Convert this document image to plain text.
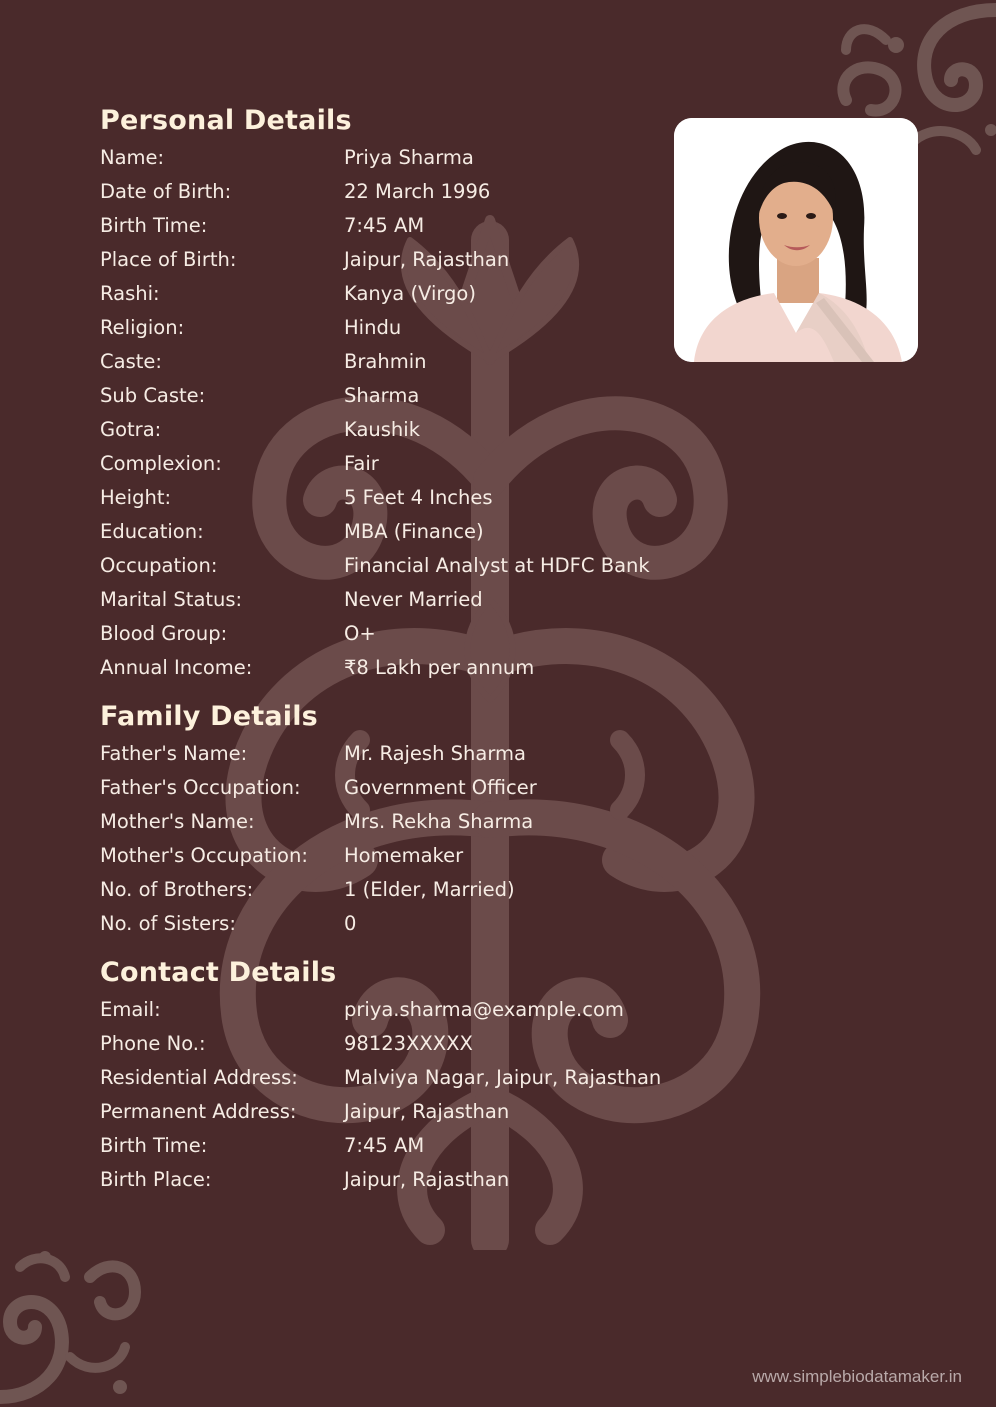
Personal Details
Name:	Priya Sharma
Date of Birth:	22 March 1996
Birth Time:	7:45 AM
Place of Birth:	Jaipur, Rajasthan
Rashi:	Kanya (Virgo)
Religion:	Hindu
Caste:	Brahmin
Sub Caste:	Sharma
Gotra:	Kaushik
Complexion:	Fair
Height:	5 Feet 4 Inches
Education:	MBA (Finance)
Occupation:	Financial Analyst at HDFC Bank
Marital Status:	Never Married
Blood Group:	O+
Annual Income:	₹8 Lakh per annum
Family Details
Father's Name:	Mr. Rajesh Sharma
Father's Occupation:	Government Officer
Mother's Name:	Mrs. Rekha Sharma
Mother's Occupation:	Homemaker
No. of Brothers:	1 (Elder, Married)
No. of Sisters:	0
Contact Details
Email:	priya.sharma@example.com
Phone No.:	98123XXXXX
Residential Address:	Malviya Nagar, Jaipur, Rajasthan
Permanent Address:	Jaipur, Rajasthan
Birth Time:	7:45 AM
Birth Place:	Jaipur, Rajasthan
www.simplebiodatamaker.in
